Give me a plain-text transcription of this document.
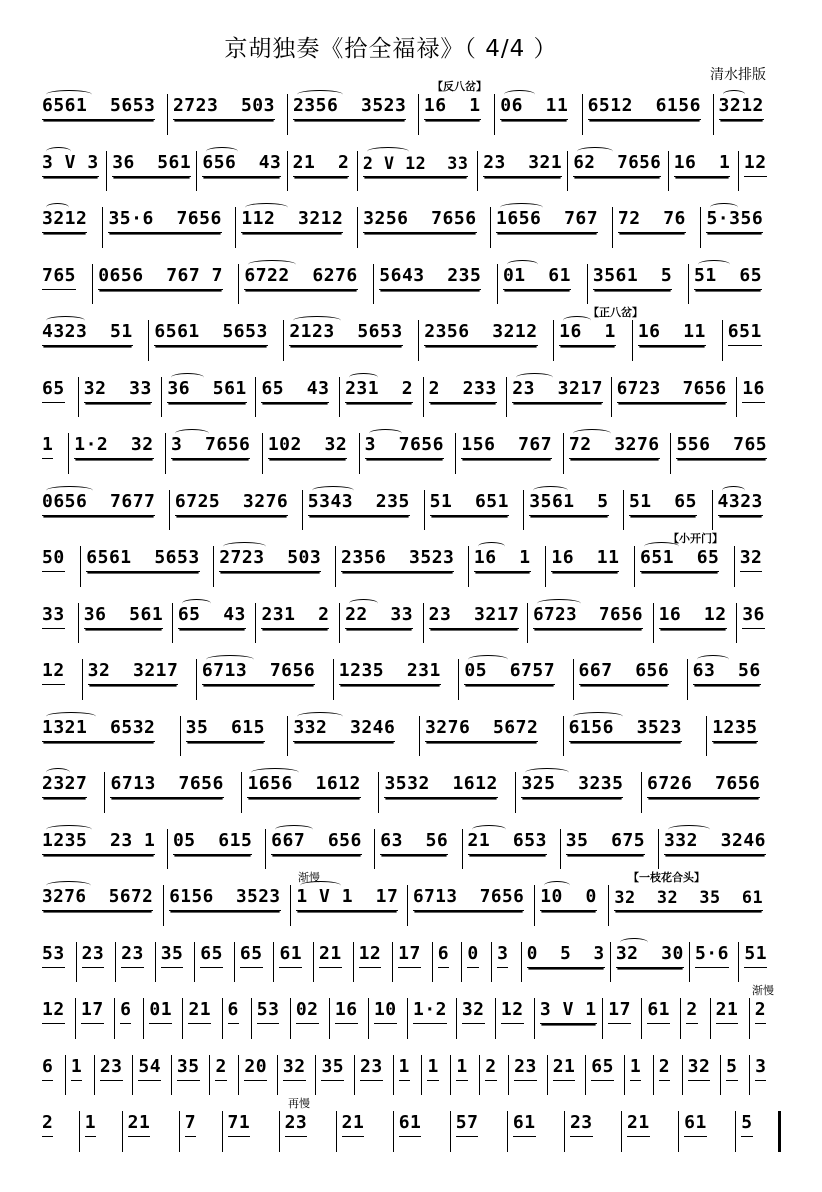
京胡独奏《拾全福禄》（ 4/4 ）
清水排版
6561  5653 2723  503 2356  3523 16  1 06  11 6512  6156 3212
【反八岔】
3 V 3 36  561 656  43 21  2 2 V 12  33 23  321 62  7656 16  1 12
3212 35·6  7656 112  3212 3256  7656 1656  767 72  76 5·356
765 0656  767 7 6722  6276 5643  235 01  61 3561  5 51  65
4323  51 6561  5653 2123  5653 2356  3212 16  1 16  11 651
【正八岔】
65 32  33 36  561 65  43 231  2 2  233 23  3217 6723  7656 16
1 1·2  32 3  7656 102  32 3  7656 156  767 72  3276 556  765
0656  7677 6725  3276 5343  235 51  651 3561  5 51  65 4323
50 6561  5653 2723  503 2356  3523 16  1 16  11 651  65 32
【小开门】
33 36  561 65  43 231  2 22  33 23  3217 6723  7656 16  12 36
12 32  3217 6713  7656 1235  231 05  6757 667  656 63  56
1321  6532 35  615 332  3246 3276  5672 6156  3523 1235
2327 6713  7656 1656  1612 3532  1612 325  3235 6726  7656
1235  23 1 05  615 667  656 63  56 21  653 35  675 332  3246
3276  5672 6156  3523 1 V 1  17 6713  7656 10  0 32  32  35  61
渐慢	【一枝花合头】
53 23 23 35 65 65 61 21 12 17 6 0 3 0  5  3 32  30 5·6 51
12 17 6 01 21 6 53 02 16 10 1·2 32 12 3 V 1 17 61 2 21 2
渐慢
6 1 23 54 35 2 20 32 35 23 1 1 1 2 23 21 65 1 2 32 5 3
2 1 21 7 71 23 21 61 57 61 23 21 61 5
再慢
